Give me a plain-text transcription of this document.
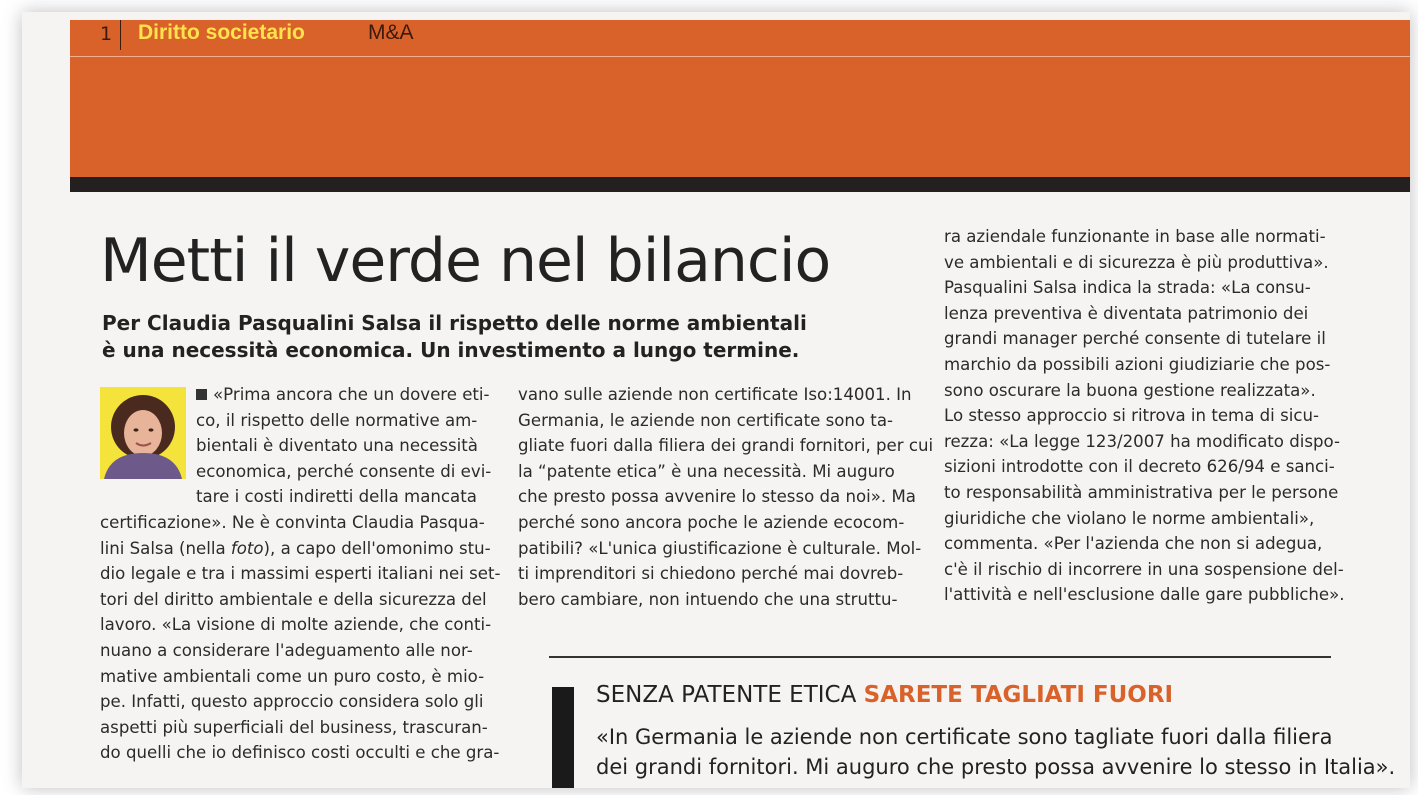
1 Diritto societario	M&A
Metti il verde nel bilancio
Per Claudia Pasqualini Salsa il rispetto delle norme ambientali
è una necessità economica. Un investimento a lungo termine.
«Prima ancora che un dovere eti-
co, il rispetto delle normative am-
bientali è diventato una necessità
economica, perché consente di evi-
tare i costi indiretti della mancata
certificazione». Ne è convinta Claudia Pasqua-
lini Salsa (nella foto), a capo dell'omonimo stu-
dio legale e tra i massimi esperti italiani nei set-
tori del diritto ambientale e della sicurezza del
lavoro. «La visione di molte aziende, che conti-
nuano a considerare l'adeguamento alle nor-
mative ambientali come un puro costo, è mio-
pe. Infatti, questo approccio considera solo gli
aspetti più superficiali del business, trascuran-
do quelli che io definisco costi occulti e che gra-
vano sulle aziende non certificate Iso:14001. In
Germania, le aziende non certificate sono ta-
gliate fuori dalla filiera dei grandi fornitori, per cui
la “patente etica” è una necessità. Mi auguro
che presto possa avvenire lo stesso da noi». Ma
perché sono ancora poche le aziende ecocom-
patibili? «L'unica giustificazione è culturale. Mol-
ti imprenditori si chiedono perché mai dovreb-
bero cambiare, non intuendo che una struttu-
ra aziendale funzionante in base alle normati-
ve ambientali e di sicurezza è più produttiva».
Pasqualini Salsa indica la strada: «La consu-
lenza preventiva è diventata patrimonio dei
grandi manager perché consente di tutelare il
marchio da possibili azioni giudiziarie che pos-
sono oscurare la buona gestione realizzata».
Lo stesso approccio si ritrova in tema di sicu-
rezza: «La legge 123/2007 ha modificato dispo-
sizioni introdotte con il decreto 626/94 e sanci-
to responsabilità amministrativa per le persone
giuridiche che violano le norme ambientali»,
commenta. «Per l'azienda che non si adegua,
c'è il rischio di incorrere in una sospensione del-
l'attività e nell'esclusione dalle gare pubbliche».
SENZA PATENTE ETICA SARETE TAGLIATI FUORI
«In Germania le aziende non certificate sono tagliate fuori dalla filiera
dei grandi fornitori. Mi auguro che presto possa avvenire lo stesso in Italia».
